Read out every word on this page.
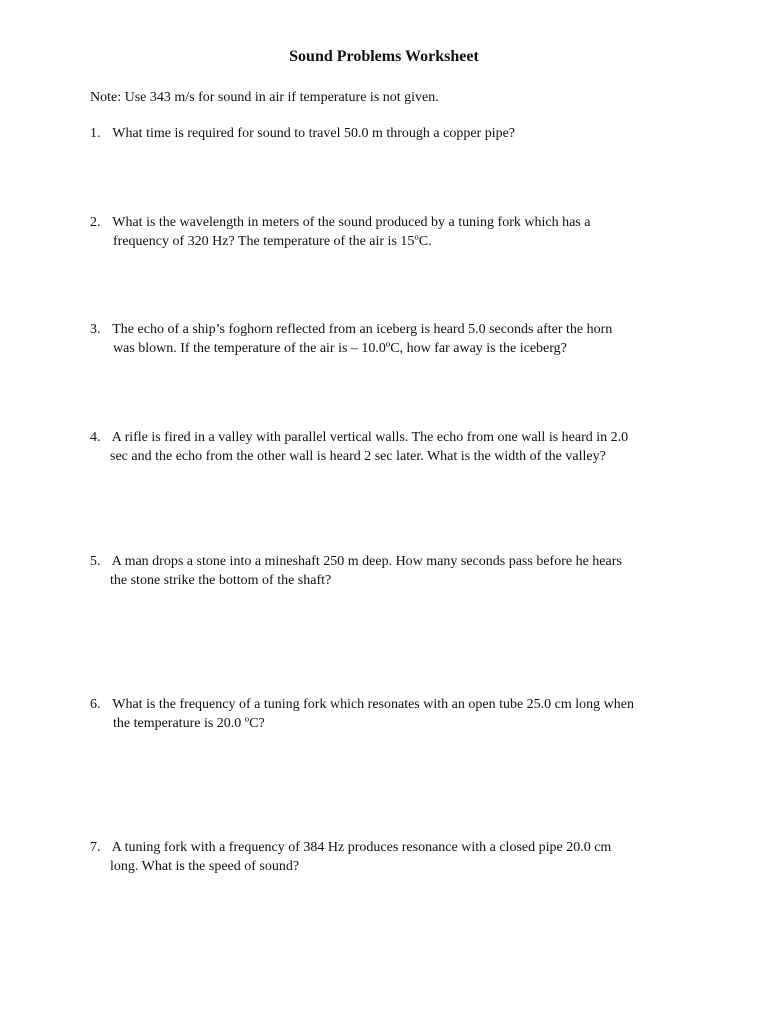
Sound Problems Worksheet

Note: Use 343 m/s for sound in air if temperature is not given.

1. What time is required for sound to travel 50.0 m through a copper pipe?
2. What is the wavelength in meters of the sound produced by a tuning fork which has a
frequency of 320 Hz? The temperature of the air is 15ºC.
3. The echo of a ship’s foghorn reflected from an iceberg is heard 5.0 seconds after the horn
was blown. If the temperature of the air is – 10.0ºC, how far away is the iceberg?
4. A rifle is fired in a valley with parallel vertical walls. The echo from one wall is heard in 2.0
sec and the echo from the other wall is heard 2 sec later. What is the width of the valley?
5. A man drops a stone into a mineshaft 250 m deep. How many seconds pass before he hears
the stone strike the bottom of the shaft?
6. What is the frequency of a tuning fork which resonates with an open tube 25.0 cm long when
the temperature is 20.0 ºC?
7. A tuning fork with a frequency of 384 Hz produces resonance with a closed pipe 20.0 cm
long. What is the speed of sound?
